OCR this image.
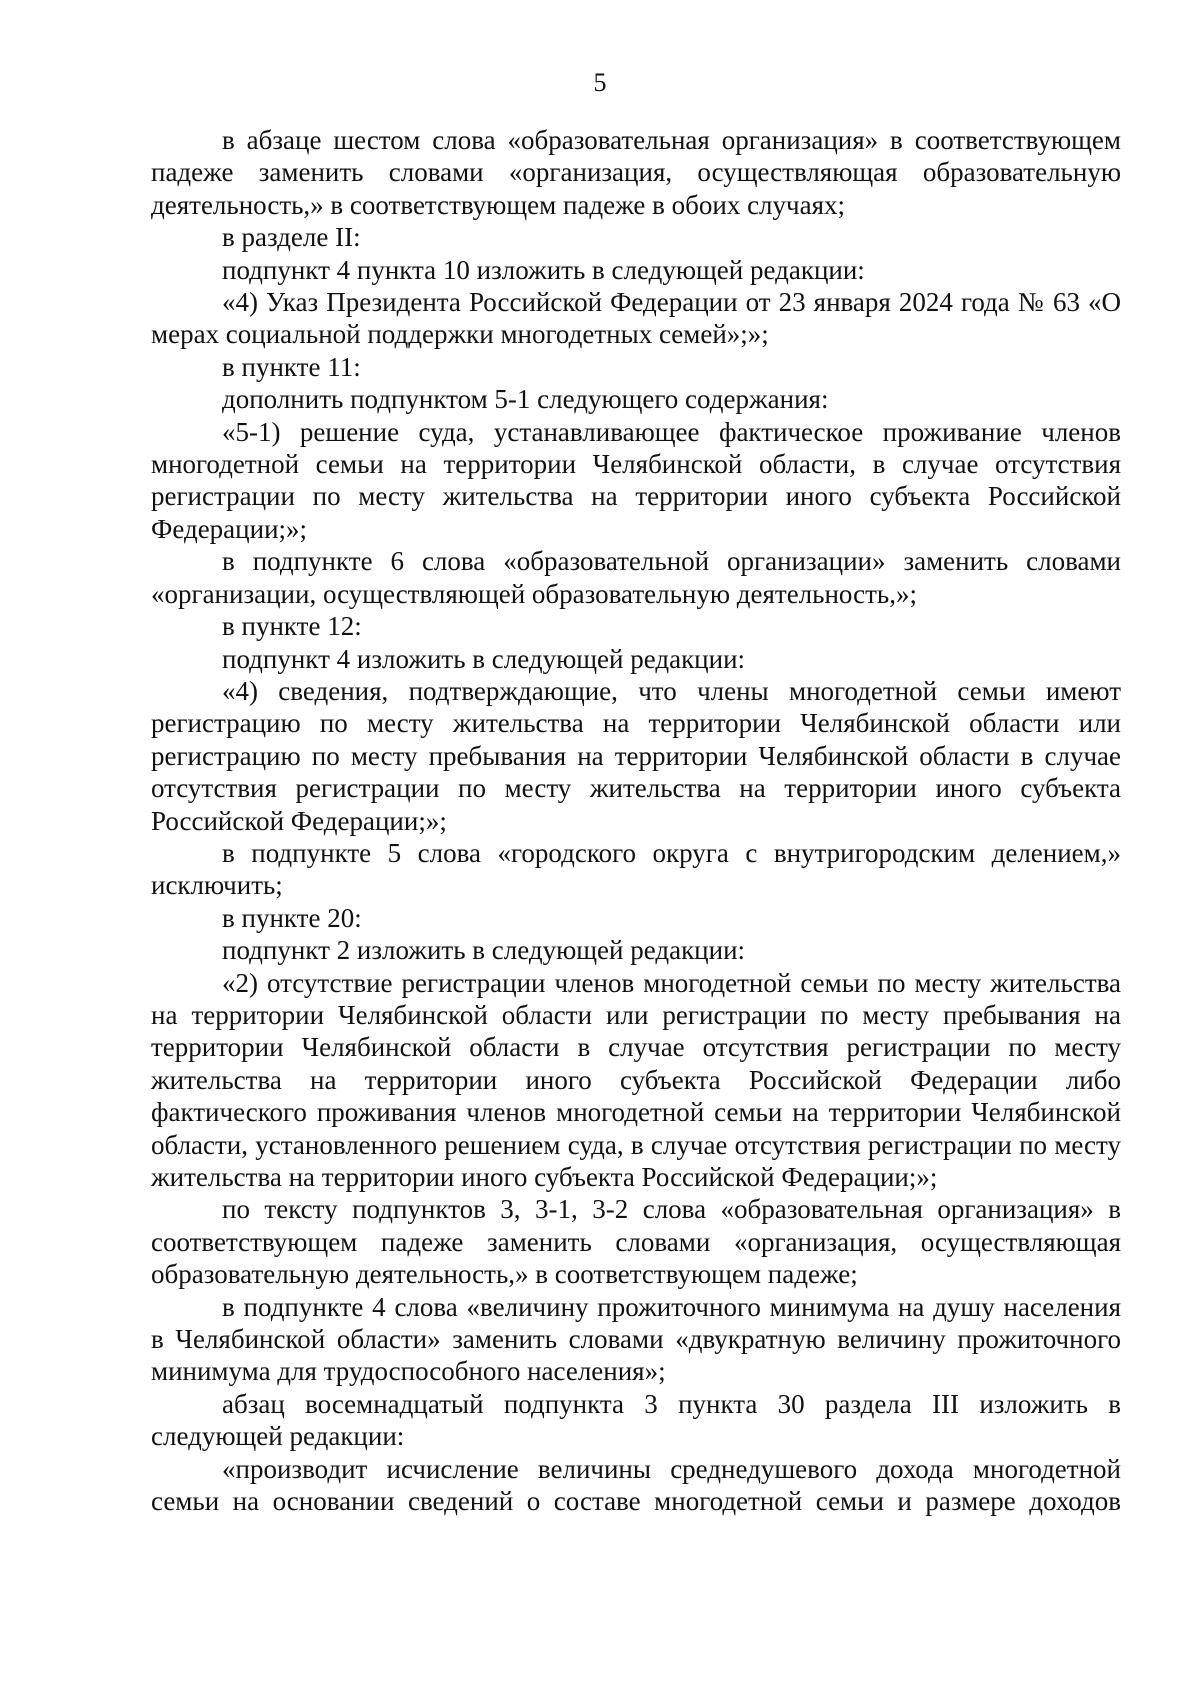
5

в абзаце шестом слова «образовательная организация» в соответствующем падеже заменить словами «организация, осуществляющая образовательную деятельность,» в соответствующем падеже в обоих случаях;

в разделе II:

подпункт 4 пункта 10 изложить в следующей редакции:

«4) Указ Президента Российской Федерации от 23 января 2024 года № 63 «О мерах социальной поддержки многодетных семей»;»;

в пункте 11:

дополнить подпунктом 5-1 следующего содержания:

«5-1) решение суда, устанавливающее фактическое проживание членов многодетной семьи на территории Челябинской области, в случае отсутствия регистрации по месту жительства на территории иного субъекта Российской Федерации;»;

в подпункте 6 слова «образовательной организации» заменить словами «организации, осуществляющей образовательную деятельность,»;

в пункте 12:

подпункт 4 изложить в следующей редакции:

«4) сведения, подтверждающие, что члены многодетной семьи имеют регистрацию по месту жительства на территории Челябинской области или регистрацию по месту пребывания на территории Челябинской области в случае отсутствия регистрации по месту жительства на территории иного субъекта Российской Федерации;»;

в подпункте 5 слова «городского округа с внутригородским делением,» исключить;

в пункте 20:

подпункт 2 изложить в следующей редакции:

«2) отсутствие регистрации членов многодетной семьи по месту жительства на территории Челябинской области или регистрации по месту пребывания на территории Челябинской области в случае отсутствия регистрации по месту жительства на территории иного субъекта Российской Федерации либо фактического проживания членов многодетной семьи на территории Челябинской области, установленного решением суда, в случае отсутствия регистрации по месту жительства на территории иного субъекта Российской Федерации;»;

по тексту подпунктов 3, 3-1, 3-2 слова «образовательная организация» в соответствующем падеже заменить словами «организация, осуществляющая образовательную деятельность,» в соответствующем падеже;

в подпункте 4 слова «величину прожиточного минимума на душу населения в Челябинской области» заменить словами «двукратную величину прожиточного минимума для трудоспособного населения»;

абзац восемнадцатый подпункта 3 пункта 30 раздела III изложить в следующей редакции:

«производит исчисление величины среднедушевого дохода многодетной семьи на основании сведений о составе многодетной семьи и размере доходов
